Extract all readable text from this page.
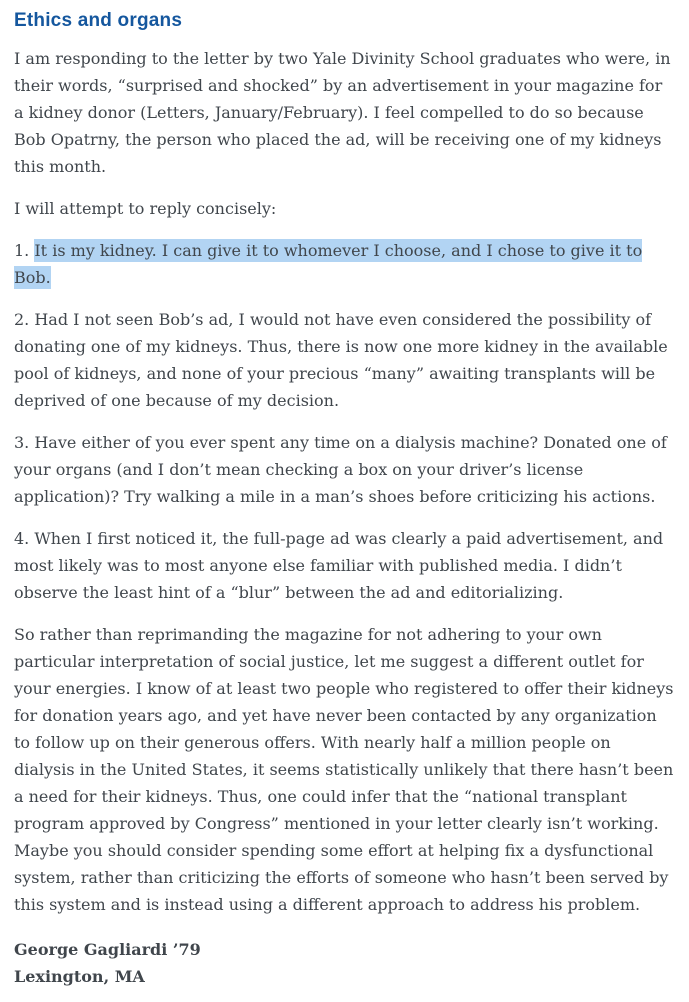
Ethics and organs

I am responding to the letter by two Yale Divinity School graduates who were, in their words, “surprised and shocked” by an advertisement in your magazine for a kidney donor (Letters, January/February). I feel compelled to do so because Bob Opatrny, the person who placed the ad, will be receiving one of my kidneys this month.

I will attempt to reply concisely:

1. It is my kidney. I can give it to whomever I choose, and I chose to give it to Bob.

2. Had I not seen Bob’s ad, I would not have even considered the possibility of donating one of my kidneys. Thus, there is now one more kidney in the available pool of kidneys, and none of your precious “many” awaiting transplants will be deprived of one because of my decision.

3. Have either of you ever spent any time on a dialysis machine? Donated one of your organs (and I don’t mean checking a box on your driver’s license application)? Try walking a mile in a man’s shoes before criticizing his actions.

4. When I first noticed it, the full-page ad was clearly a paid advertisement, and most likely was to most anyone else familiar with published media. I didn’t observe the least hint of a “blur” between the ad and editorializing.

So rather than reprimanding the magazine for not adhering to your own particular interpretation of social justice, let me suggest a different outlet for your energies. I know of at least two people who registered to offer their kidneys for donation years ago, and yet have never been contacted by any organization to follow up on their generous offers. With nearly half a million people on dialysis in the United States, it seems statistically unlikely that there hasn’t been a need for their kidneys. Thus, one could infer that the “national transplant program approved by Congress” mentioned in your letter clearly isn’t working. Maybe you should consider spending some effort at helping fix a dysfunctional system, rather than criticizing the efforts of someone who hasn’t been served by this system and is instead using a different approach to address his problem.

George Gagliardi ’79

Lexington, MA
